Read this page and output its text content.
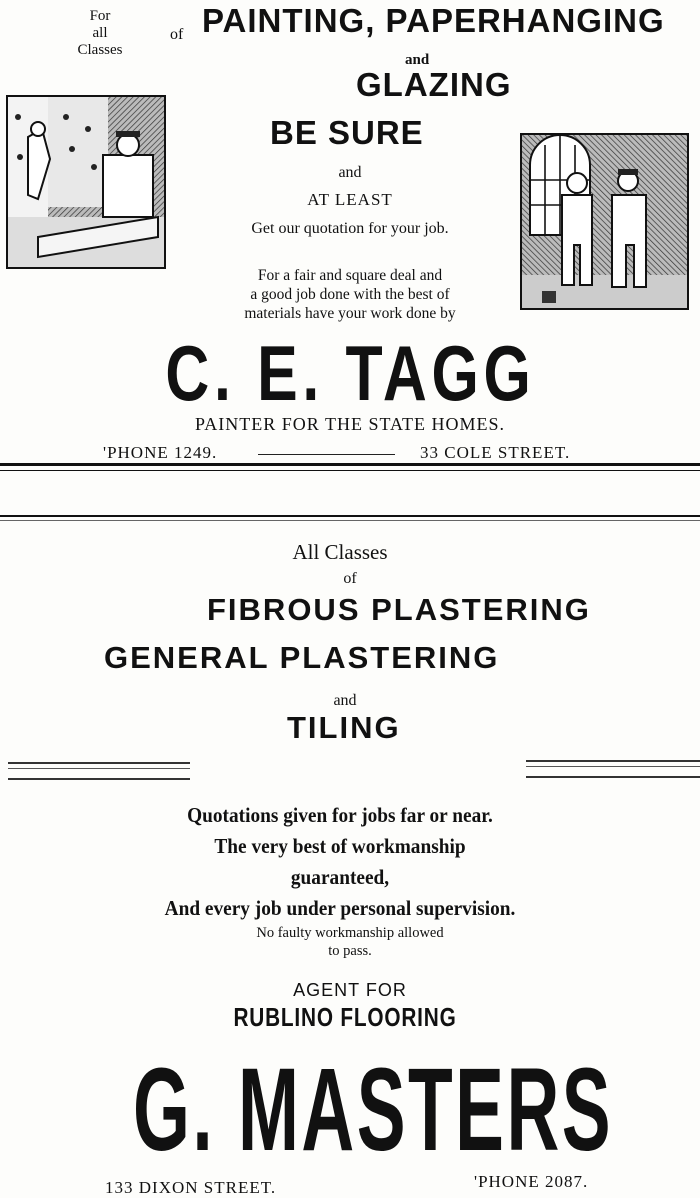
For
all
Classes
of PAINTING, PAPERHANGING
and
GLAZING
BE SURE
and
AT LEAST
Get our quotation for your job.
For a fair and square deal and
a good job done with the best of
materials have your work done by
C. E. TAGG
PAINTER FOR THE STATE HOMES.
'PHONE 1249.	33 COLE STREET.
All Classes
of
FIBROUS PLASTERING
GENERAL PLASTERING
and
TILING
Quotations given for jobs far or near.
The very best of workmanship
guaranteed,
And every job under personal supervision.
No faulty workmanship allowed
to pass.
AGENT FOR
RUBLINO FLOORING
G. MASTERS
133 DIXON STREET.	'PHONE 2087.
